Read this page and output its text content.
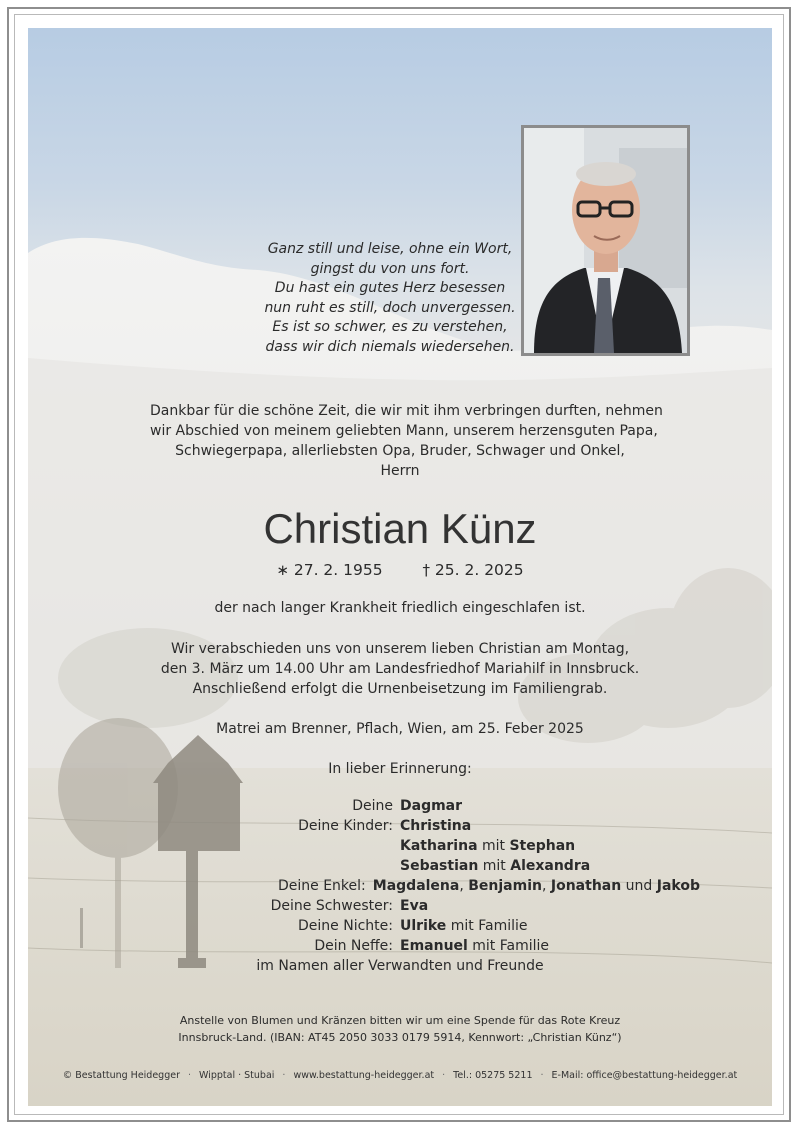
Ganz still und leise, ohne ein Wort,
gingst du von uns fort.
Du hast ein gutes Herz besessen
nun ruht es still, doch unvergessen.
Es ist so schwer, es zu verstehen,
dass wir dich niemals wiedersehen.
Dankbar für die schöne Zeit, die wir mit ihm verbringen durften, nehmen
wir Abschied von meinem geliebten Mann, unserem herzensguten Papa,
Schwiegerpapa, allerliebsten Opa, Bruder, Schwager und Onkel,
Herrn
Christian Künz
∗ 27. 2. 1955	† 25. 2. 2025
der nach langer Krankheit friedlich eingeschlafen ist.
Wir verabschieden uns von unserem lieben Christian am Montag,
den 3. März um 14.00 Uhr am Landesfriedhof Mariahilf in Innsbruck.
Anschließend erfolgt die Urnenbeisetzung im Familiengrab.
Matrei am Brenner, Pflach, Wien, am 25. Feber 2025
In lieber Erinnerung:
Deine Dagmar
Deine Kinder: Christina
Katharina mit Stephan
Sebastian mit Alexandra
Deine Enkel: Magdalena, Benjamin, Jonathan und Jakob
Deine Schwester: Eva
Deine Nichte: Ulrike mit Familie
Dein Neffe: Emanuel mit Familie
im Namen aller Verwandten und Freunde
Anstelle von Blumen und Kränzen bitten wir um eine Spende für das Rote Kreuz
Innsbruck-Land. (IBAN: AT45 2050 3033 0179 5914, Kennwort: „Christian Künz“)
© Bestattung Heidegger · Wipptal · Stubai · www.bestattung-heidegger.at · Tel.: 05275 5211 · E-Mail: office@bestattung-heidegger.at
